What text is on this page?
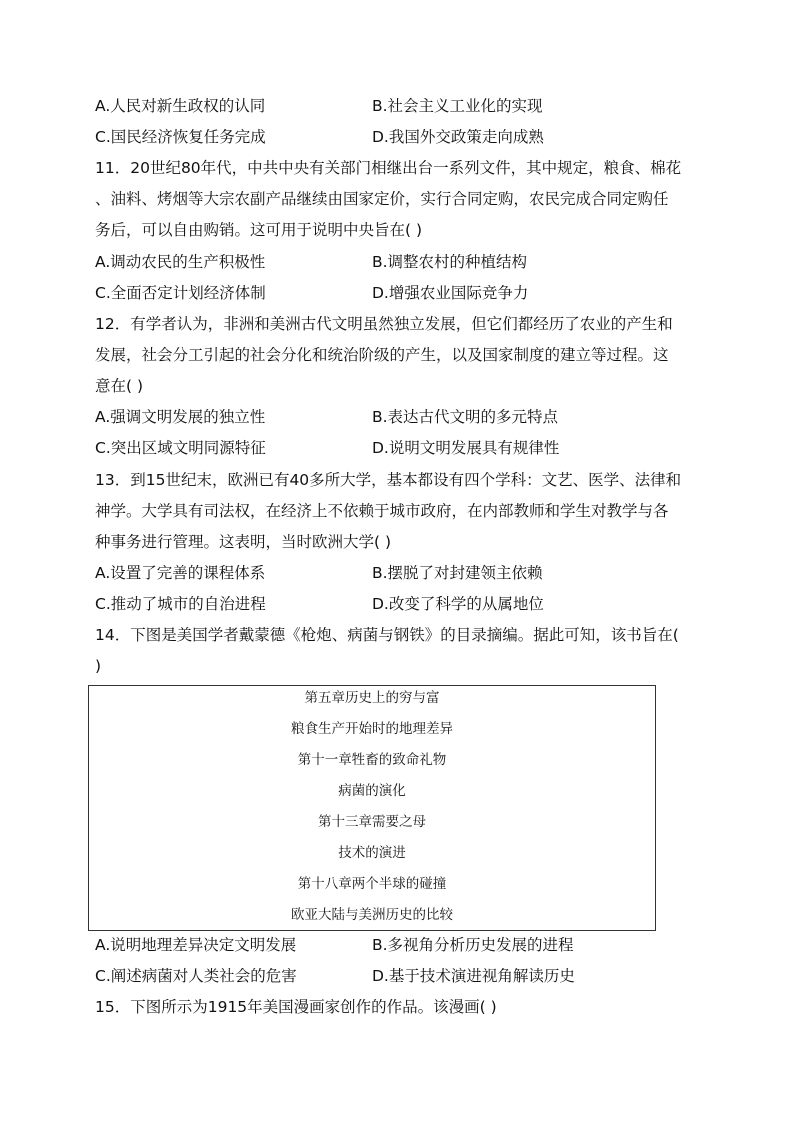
A.人民对新生政权的认同	B.社会主义工业化的实现
C.国民经济恢复任务完成	D.我国外交政策走向成熟
11．20世纪80年代，中共中央有关部门相继出台一系列文件，其中规定，粮食、棉花
、油料、烤烟等大宗农副产品继续由国家定价，实行合同定购，农民完成合同定购任
务后，可以自由购销。这可用于说明中央旨在( )
A.调动农民的生产积极性	B.调整农村的种植结构
C.全面否定计划经济体制	D.增强农业国际竞争力
12．有学者认为，非洲和美洲古代文明虽然独立发展，但它们都经历了农业的产生和
发展，社会分工引起的社会分化和统治阶级的产生，以及国家制度的建立等过程。这
意在( )
A.强调文明发展的独立性	B.表达古代文明的多元特点
C.突出区域文明同源特征	D.说明文明发展具有规律性
13．到15世纪末，欧洲已有40多所大学，基本都设有四个学科：文艺、医学、法律和
神学。大学具有司法权，在经济上不依赖于城市政府，在内部教师和学生对教学与各
种事务进行管理。这表明，当时欧洲大学( )
A.设置了完善的课程体系	B.摆脱了对封建领主依赖
C.推动了城市的自治进程	D.改变了科学的从属地位
14．下图是美国学者戴蒙德《枪炮、病菌与钢铁》的目录摘编。据此可知，该书旨在(
)
第五章历史上的穷与富
粮食生产开始时的地理差异
第十一章牲畜的致命礼物
病菌的演化
第十三章需要之母
技术的演进
第十八章两个半球的碰撞
欧亚大陆与美洲历史的比较
A.说明地理差异决定文明发展	B.多视角分析历史发展的进程
C.阐述病菌对人类社会的危害	D.基于技术演进视角解读历史
15．下图所示为1915年美国漫画家创作的作品。该漫画( )
